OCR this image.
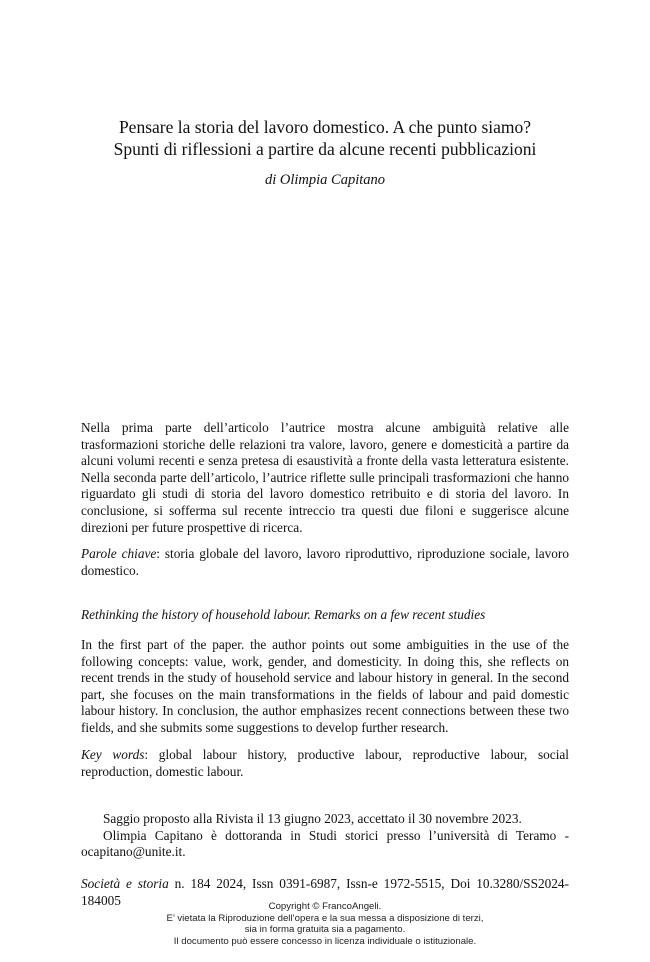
Pensare la storia del lavoro domestico. A che punto siamo?
Spunti di riflessioni a partire da alcune recenti pubblicazioni
di Olimpia Capitano
Nella prima parte dell’articolo l’autrice mostra alcune ambiguità relative alle trasformazioni storiche delle relazioni tra valore, lavoro, genere e domesticità a partire da alcuni volumi recenti e senza pretesa di esaustività a fronte della vasta letteratura esistente. Nella seconda parte dell’articolo, l’autrice riflette sulle principali trasformazioni che hanno riguardato gli studi di storia del lavoro domestico retribuito e di storia del lavoro. In conclusione, si sofferma sul recente intreccio tra questi due filoni e suggerisce alcune direzioni per future prospettive di ricerca.
Parole chiave: storia globale del lavoro, lavoro riproduttivo, riproduzione sociale, lavoro domestico.
Rethinking the history of household labour. Remarks on a few recent studies
In the first part of the paper. the author points out some ambiguities in the use of the following concepts: value, work, gender, and domesticity. In doing this, she reflects on recent trends in the study of household service and labour history in general. In the second part, she focuses on the main transformations in the fields of labour and paid domestic labour history. In conclusion, the author emphasizes recent connections between these two fields, and she submits some suggestions to develop further research.
Key words: global labour history, productive labour, reproductive labour, social reproduction, domestic labour.

Saggio proposto alla Rivista il 13 giugno 2023, accettato il 30 novembre 2023.

Olimpia Capitano è dottoranda in Studi storici presso l’università di Teramo - ocapitano@unite.it.

Società e storia n. 184 2024, Issn 0391-6987, Issn-e 1972-5515, Doi 10.3280/SS2024-184005	Copyright © FrancoAngeli.
E’ vietata la Riproduzione dell’opera e la sua messa a disposizione di terzi,
sia in forma gratuita sia a pagamento.
Il documento può essere concesso in licenza individuale o istituzionale.
